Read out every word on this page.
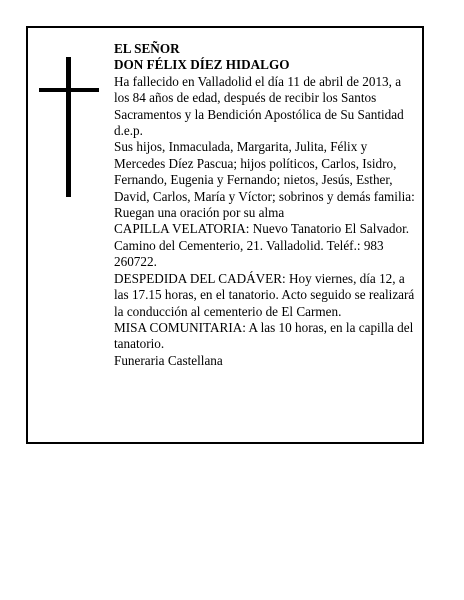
EL SEÑOR

DON FÉLIX DÍEZ HIDALGO

Ha fallecido en Valladolid el día 11 de abril de 2013, a los 84 años de edad, después de recibir los Santos Sacramentos y la Bendición Apostólica de Su Santidad d.e.p.

Sus hijos, Inmaculada, Margarita, Julita, Félix y Mercedes Díez Pascua; hijos políticos, Carlos, Isidro, Fernando, Eugenia y Fernando; nietos, Jesús, Esther, David, Carlos, María y Víctor; sobrinos y demás familia:

Ruegan una oración por su alma

CAPILLA VELATORIA: Nuevo Tanatorio El Salvador. Camino del Cementerio, 21. Valladolid. Teléf.: 983 260722.

DESPEDIDA DEL CADÁVER: Hoy viernes, día 12, a las 17.15 horas, en el tanatorio. Acto seguido se realizará la conducción al cementerio de El Carmen.

MISA COMUNITARIA: A las 10 horas, en la capilla del tanatorio.

Funeraria Castellana
